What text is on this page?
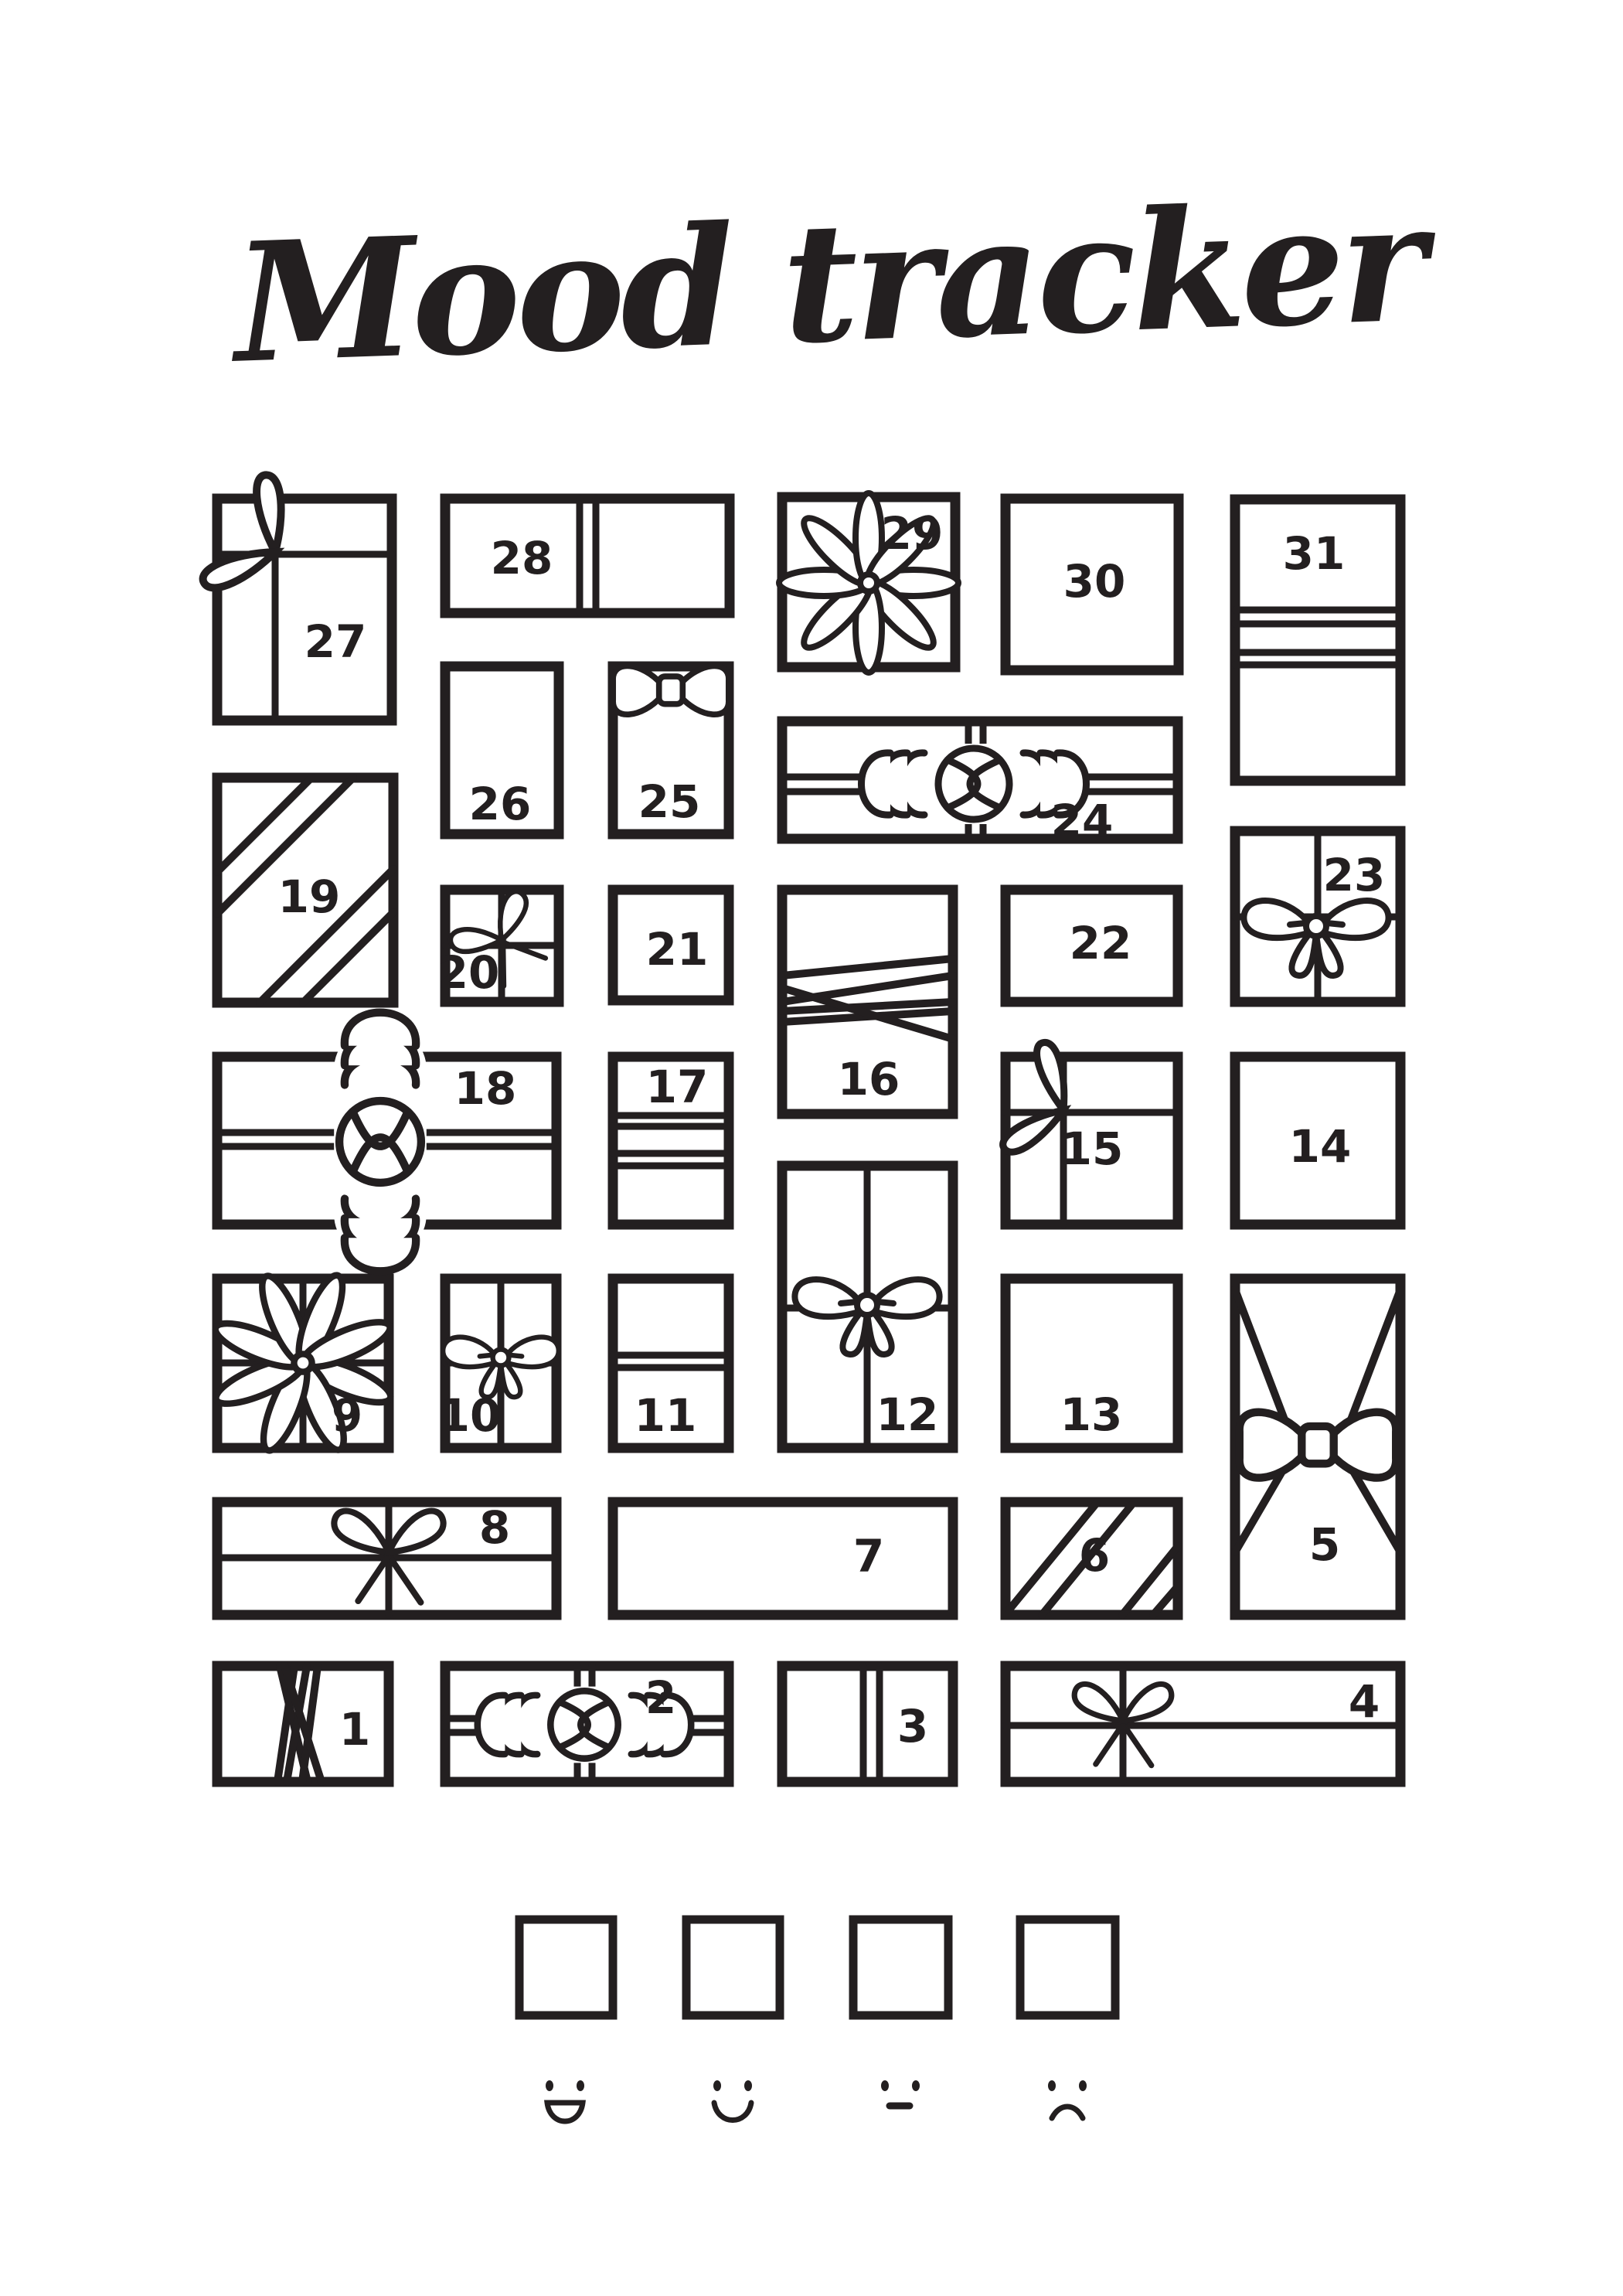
Mood tracker
1
2
3	4
5
6
7
8
9 10	11	12	13
14
15
16
17
18
19
20	21	22
23
24
25
26
27
28	29
30
31
